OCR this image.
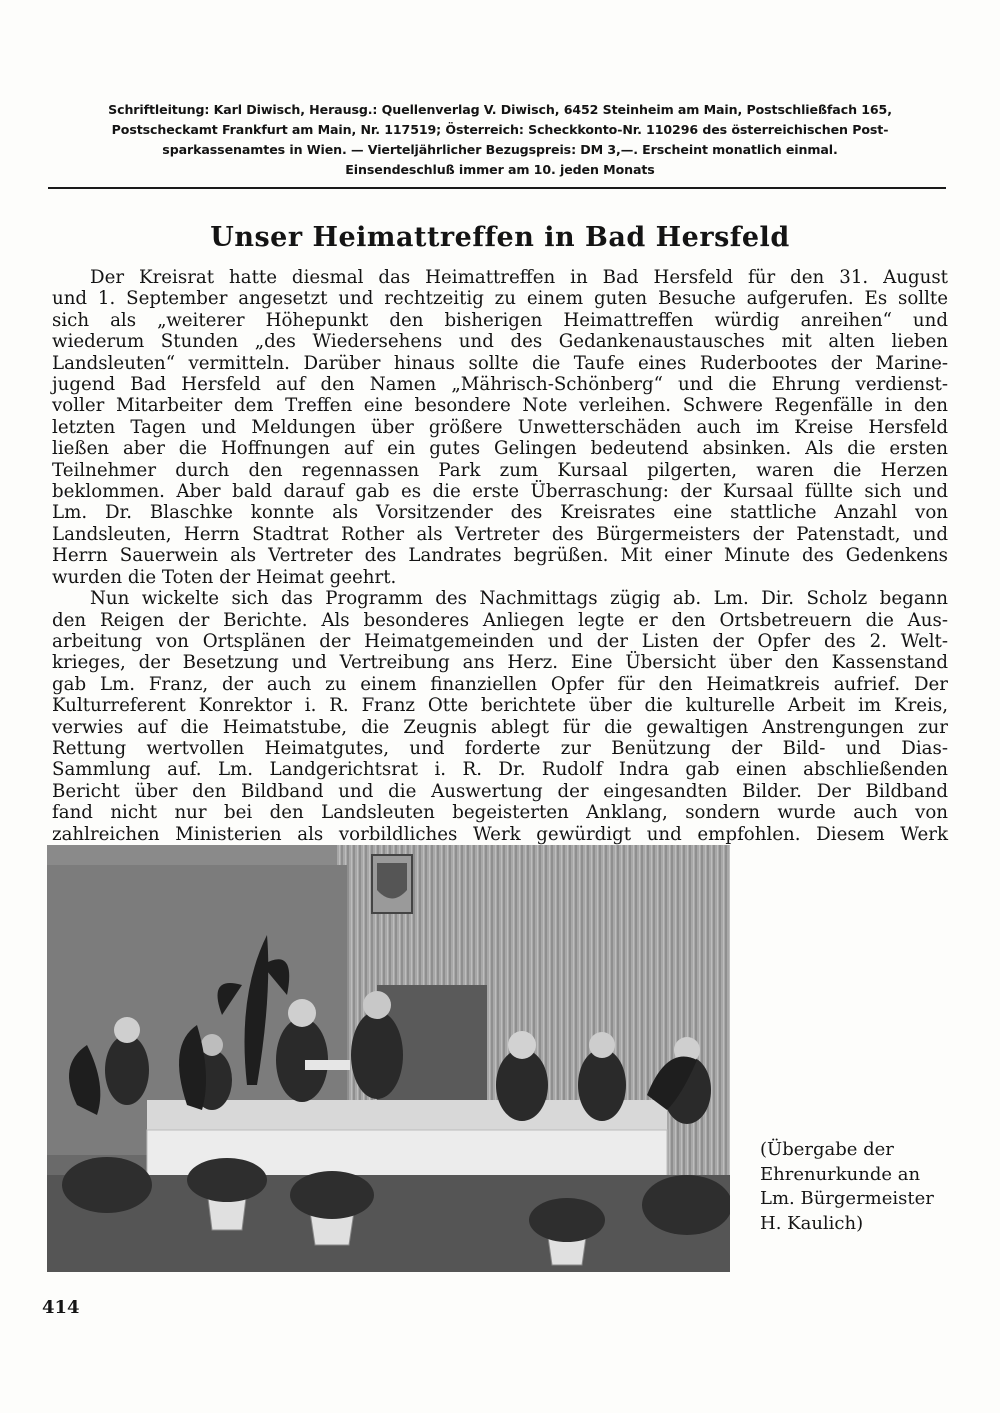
Schriftleitung: Karl Diwisch, Herausg.: Quellenverlag V. Diwisch, 6452 Steinheim am Main, Postschließfach 165,
Postscheckamt Frankfurt am Main, Nr. 117519; Österreich: Scheckkonto-Nr. 110296 des österreichischen Post-
sparkassenamtes in Wien. — Vierteljährlicher Bezugspreis: DM 3,—. Erscheint monatlich einmal.
Einsendeschluß immer am 10. jeden Monats
Unser Heimattreffen in Bad Hersfeld
Der Kreisrat hatte diesmal das Heimattreffen in Bad Hersfeld für den 31. August
und 1. September angesetzt und rechtzeitig zu einem guten Besuche aufgerufen. Es sollte
sich als „weiterer Höhepunkt den bisherigen Heimattreffen würdig anreihen“ und
wiederum Stunden „des Wiedersehens und des Gedankenaustausches mit alten lieben
Landsleuten“ vermitteln. Darüber hinaus sollte die Taufe eines Ruderbootes der Marine-
jugend Bad Hersfeld auf den Namen „Mährisch-Schönberg“ und die Ehrung verdienst-
voller Mitarbeiter dem Treffen eine besondere Note verleihen. Schwere Regenfälle in den
letzten Tagen und Meldungen über größere Unwetterschäden auch im Kreise Hersfeld
ließen aber die Hoffnungen auf ein gutes Gelingen bedeutend absinken. Als die ersten
Teilnehmer durch den regennassen Park zum Kursaal pilgerten, waren die Herzen
beklommen. Aber bald darauf gab es die erste Überraschung: der Kursaal füllte sich und
Lm. Dr. Blaschke konnte als Vorsitzender des Kreisrates eine stattliche Anzahl von
Landsleuten, Herrn Stadtrat Rother als Vertreter des Bürgermeisters der Patenstadt, und
Herrn Sauerwein als Vertreter des Landrates begrüßen. Mit einer Minute des Gedenkens
wurden die Toten der Heimat geehrt.
Nun wickelte sich das Programm des Nachmittags zügig ab. Lm. Dir. Scholz begann
den Reigen der Berichte. Als besonderes Anliegen legte er den Ortsbetreuern die Aus-
arbeitung von Ortsplänen der Heimatgemeinden und der Listen der Opfer des 2. Welt-
krieges, der Besetzung und Vertreibung ans Herz. Eine Übersicht über den Kassenstand
gab Lm. Franz, der auch zu einem finanziellen Opfer für den Heimatkreis aufrief. Der
Kulturreferent Konrektor i. R. Franz Otte berichtete über die kulturelle Arbeit im Kreis,
verwies auf die Heimatstube, die Zeugnis ablegt für die gewaltigen Anstrengungen zur
Rettung wertvollen Heimatgutes, und forderte zur Benützung der Bild- und Dias-
Sammlung auf. Lm. Landgerichtsrat i. R. Dr. Rudolf Indra gab einen abschließenden
Bericht über den Bildband und die Auswertung der eingesandten Bilder. Der Bildband
fand nicht nur bei den Landsleuten begeisterten Anklang, sondern wurde auch von
zahlreichen Ministerien als vorbildliches Werk gewürdigt und empfohlen. Diesem Werk
(Übergabe der
Ehrenurkunde an
Lm. Bürgermeister
H. Kaulich)
414
